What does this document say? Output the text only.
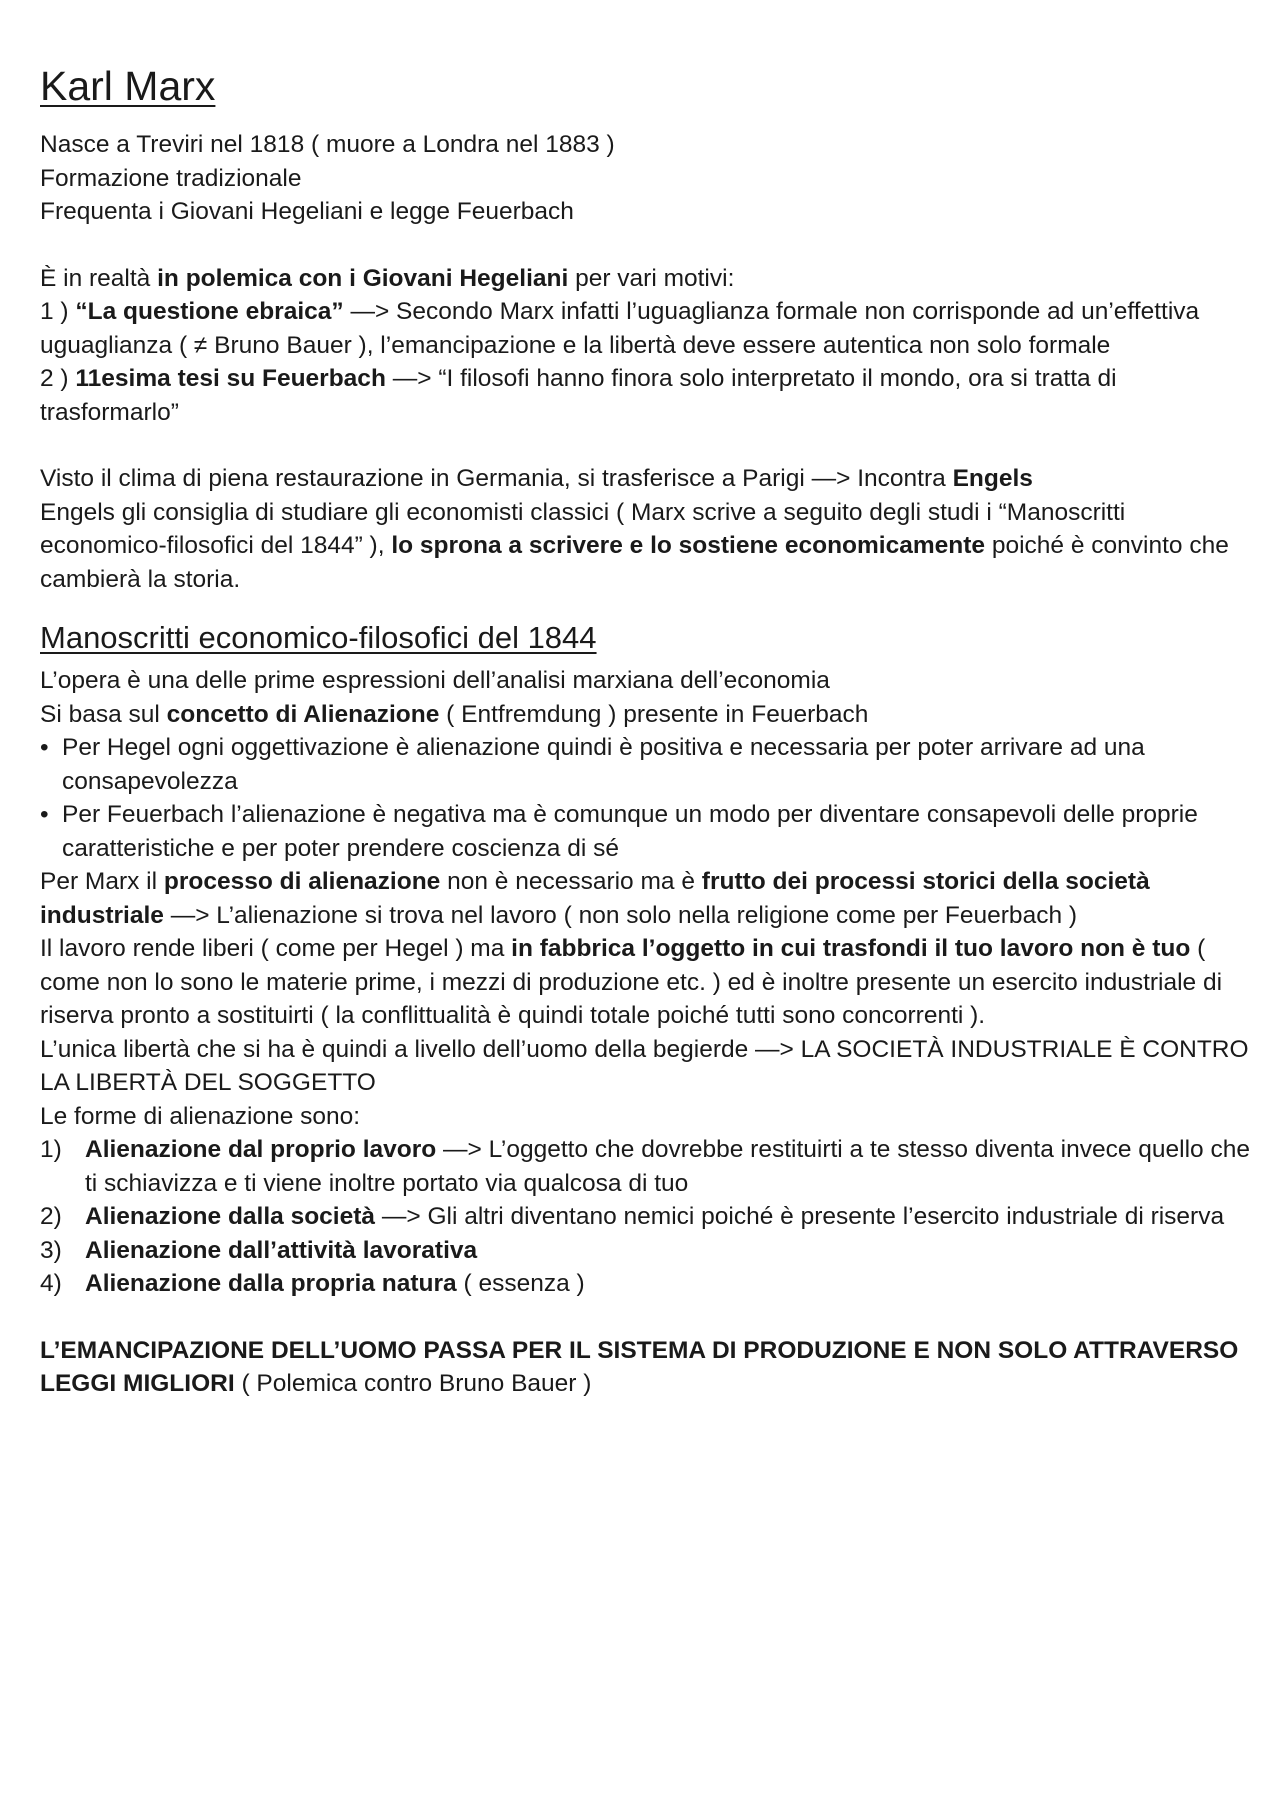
Karl Marx

Nasce a Treviri nel 1818 ( muore a Londra nel 1883 )

Formazione tradizionale

Frequenta i Giovani Hegeliani e legge Feuerbach

È in realtà in polemica con i Giovani Hegeliani per vari motivi:

1 ) “La questione ebraica” —> Secondo Marx infatti l’uguaglianza formale non corrisponde ad un’effettiva uguaglianza ( ≠ Bruno Bauer ), l’emancipazione e la libertà deve essere autentica non solo formale

2 ) 11esima tesi su Feuerbach —> “I filosofi hanno finora solo interpretato il mondo, ora si tratta di trasformarlo”

Visto il clima di piena restaurazione in Germania, si trasferisce a Parigi —> Incontra Engels

Engels gli consiglia di studiare gli economisti classici ( Marx scrive a seguito degli studi i “Manoscritti economico-filosofici del 1844” ), lo sprona a scrivere e lo sostiene economicamente poiché è convinto che cambierà la storia.

Manoscritti economico-filosofici del 1844

L’opera è una delle prime espressioni dell’analisi marxiana dell’economia

Si basa sul concetto di Alienazione ( Entfremdung ) presente in Feuerbach

• Per Hegel ogni oggettivazione è alienazione quindi è positiva e necessaria per poter arrivare ad una consapevolezza
• Per Feuerbach l’alienazione è negativa ma è comunque un modo per diventare consapevoli delle proprie caratteristiche e per poter prendere coscienza di sé

Per Marx il processo di alienazione non è necessario ma è frutto dei processi storici della società industriale —> L’alienazione si trova nel lavoro ( non solo nella religione come per Feuerbach )

Il lavoro rende liberi ( come per Hegel ) ma in fabbrica l’oggetto in cui trasfondi il tuo lavoro non è tuo ( come non lo sono le materie prime, i mezzi di produzione etc. ) ed è inoltre presente un esercito industriale di riserva pronto a sostituirti ( la conflittualità è quindi totale poiché tutti sono concorrenti ).

L’unica libertà che si ha è quindi a livello dell’uomo della begierde —> LA SOCIETÀ INDUSTRIALE È CONTRO LA LIBERTÀ DEL SOGGETTO

Le forme di alienazione sono:

1) Alienazione dal proprio lavoro —> L’oggetto che dovrebbe restituirti a te stesso diventa invece quello che ti schiavizza e ti viene inoltre portato via qualcosa di tuo
2) Alienazione dalla società —> Gli altri diventano nemici poiché è presente l’esercito industriale di riserva
3) Alienazione dall’attività lavorativa
4) Alienazione dalla propria natura ( essenza )

L’EMANCIPAZIONE DELL’UOMO PASSA PER IL SISTEMA DI PRODUZIONE E NON SOLO ATTRAVERSO LEGGI MIGLIORI ( Polemica contro Bruno Bauer )
